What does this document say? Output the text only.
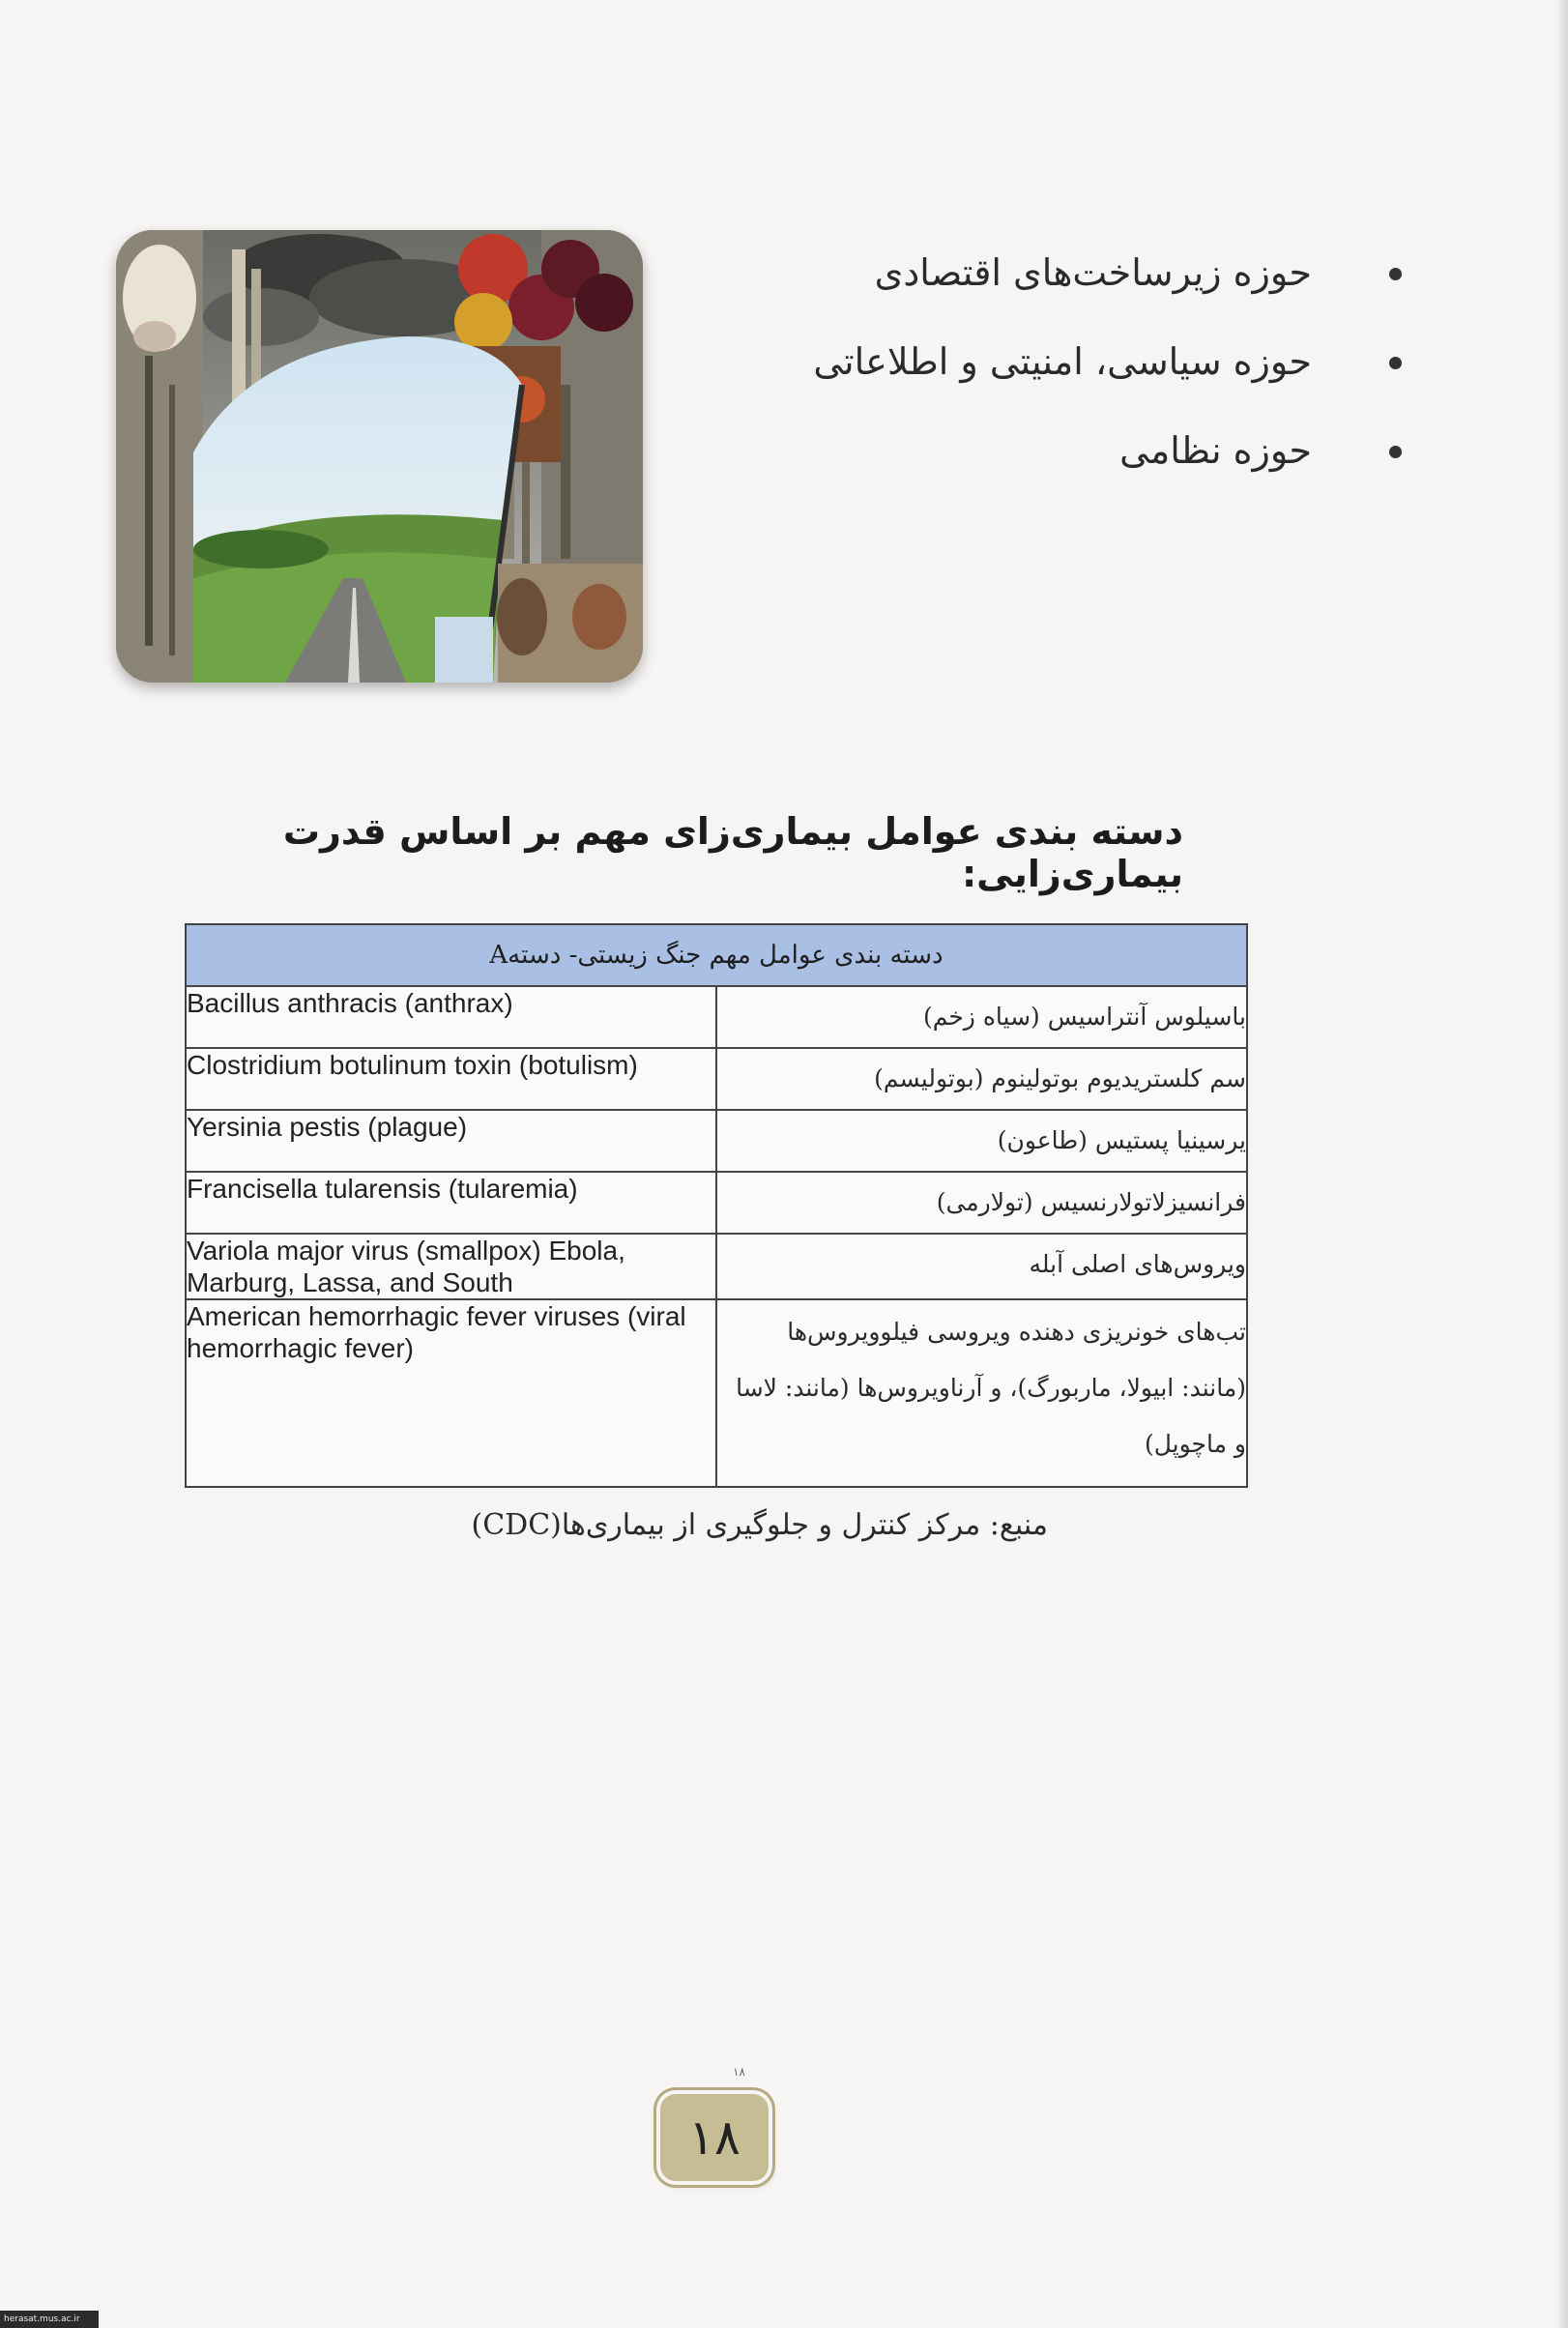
حوزه زیرساخت‌های اقتصادی
حوزه سیاسی، امنیتی و اطلاعاتی
حوزه نظامی
دسته بندی عوامل بیماری‌زای مهم بر اساس قدرت بیماری‌زایی:
دسته بندی عوامل مهم جنگ زیستی- دستهA	
Bacillus anthracis (anthrax)	باسیلوس آنتراسیس (سیاه زخم)
Clostridium botulinum toxin (botulism)	سم کلستریدیوم بوتولینوم (بوتولیسم)
Yersinia pestis (plague)	یرسینیا پستیس (طاعون)
Francisella tularensis (tularemia)	فرانسیزلاتولارنسیس (تولارمی)
Variola major virus (smallpox) Ebola, Marburg, Lassa, and South	ویروس‌های اصلی آبله
American hemorrhagic fever viruses (viral hemorrhagic fever)	تب‌های خونریزی دهنده ویروسی فیلوویروس‌ها (مانند: ابیولا، ماربورگ)، و آرناویروس‌ها (مانند: لاسا و ماچوپل)
منبع: مرکز کنترل و جلوگیری از بیماری‌ها(CDC)
۱۸
۱۸
herasat.mus.ac.ir
